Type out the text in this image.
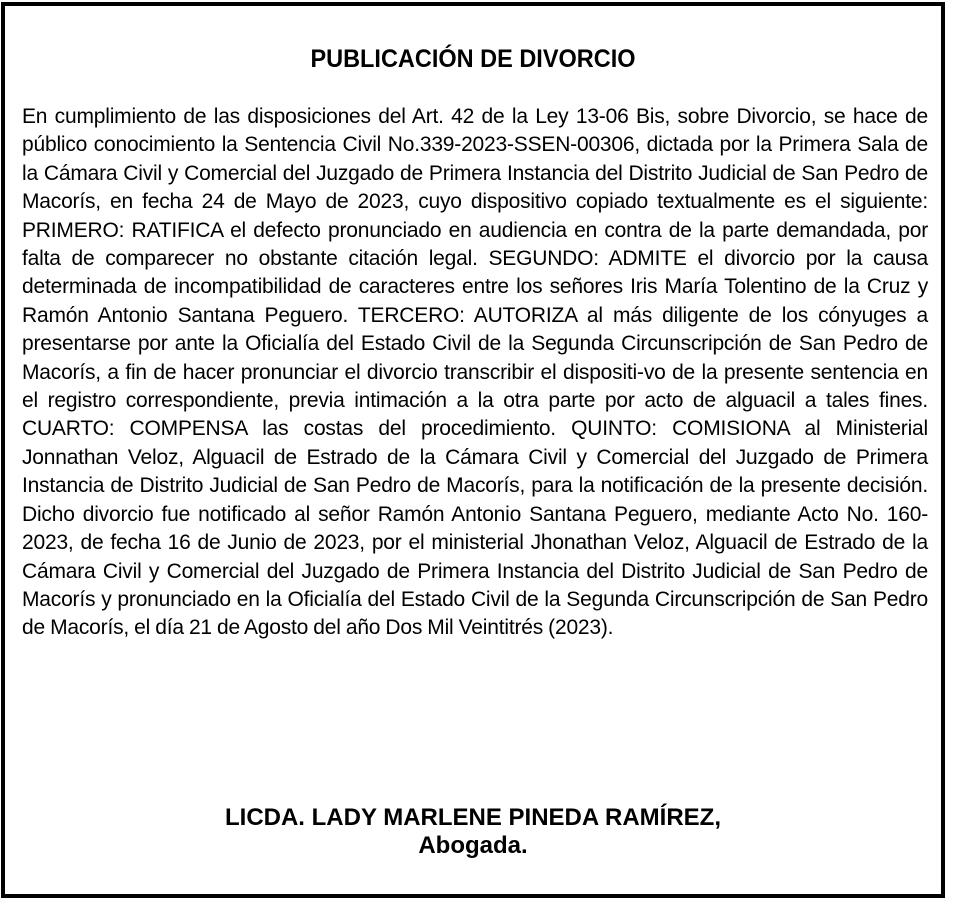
PUBLICACIÓN DE DIVORCIO

En cumplimiento de las disposiciones del Art. 42 de la Ley 13-06 Bis, sobre Divorcio, se hace de público conocimiento la Sentencia Civil No.339-2023-SSEN-00306, dictada por la Primera Sala de la Cámara Civil y Comercial del Juzgado de Primera Instancia del Distrito Judicial de San Pedro de Macorís, en fecha 24 de Mayo de 2023, cuyo dispositivo copiado textualmente es el siguiente: PRIMERO: RATIFICA el defecto pronunciado en audiencia en contra de la parte demandada, por falta de comparecer no obstante citación legal. SEGUNDO: ADMITE el divorcio por la causa determinada de incompatibilidad de caracteres entre los señores Iris María Tolentino de la Cruz y Ramón Antonio Santana Peguero. TERCERO: AUTORIZA al más diligente de los cónyuges a presentarse por ante la Oficialía del Estado Civil de la Segunda Circunscripción de San Pedro de Macorís, a fin de hacer pronunciar el divorcio transcribir el dispositi-vo de la presente sentencia en el registro correspondiente, previa intimación a la otra parte por acto de alguacil a tales fines. CUARTO: COMPENSA las costas del procedimiento. QUINTO: COMISIONA al Ministerial Jonnathan Veloz, Alguacil de Estrado de la Cámara Civil y Comercial del Juzgado de Primera Instancia de Distrito Judicial de San Pedro de Macorís, para la notificación de la presente decisión. Dicho divorcio fue notificado al señor Ramón Antonio Santana Peguero, mediante Acto No. 160-2023, de fecha 16 de Junio de 2023, por el ministerial Jhonathan Veloz, Alguacil de Estrado de la Cámara Civil y Comercial del Juzgado de Primera Instancia del Distrito Judicial de San Pedro de Macorís y pronunciado en la Oficialía del Estado Civil de la Segunda Circunscripción de San Pedro de Macorís, el día 21 de Agosto del año Dos Mil Veintitrés (2023).

LICDA. LADY MARLENE PINEDA RAMÍREZ,
Abogada.
